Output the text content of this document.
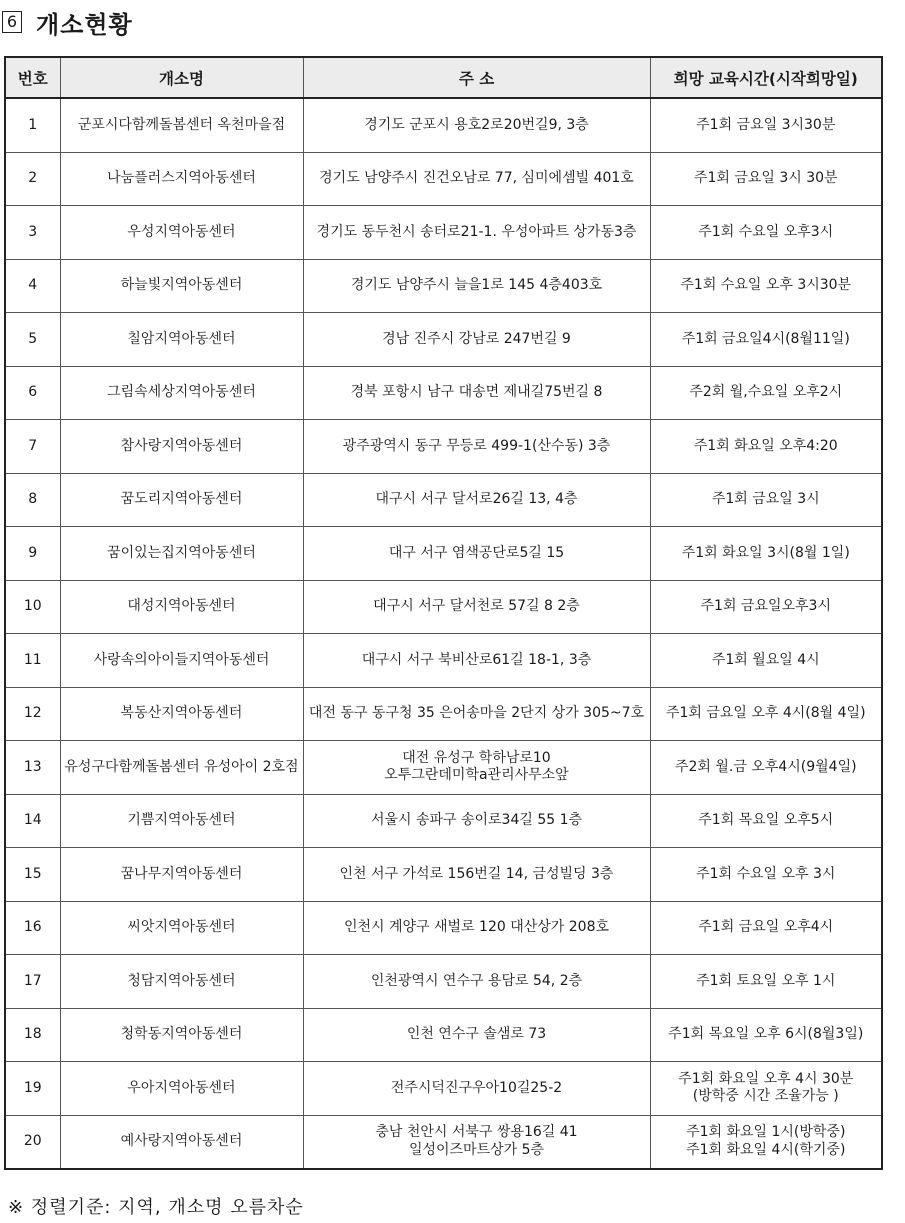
6 개소현황
번호	개소명	주 소	희망 교육시간(시작희망일)
1	군포시다함께돌봄센터 옥천마을점	경기도 군포시 용호2로20번길9, 3층	주1회 금요일 3시30분

2	나눔플러스지역아동센터	경기도 남양주시 진건오남로 77, 심미에셈빌 401호	주1회 금요일 3시 30분

3	우성지역아동센터	경기도 동두천시 송터로21-1. 우성아파트 상가동3층	주1회 수요일 오후3시

4	하늘빛지역아동센터	경기도 남양주시 늘을1로 145 4층403호	주1회 수요일 오후 3시30분

5	칠암지역아동센터	경남 진주시 강남로 247번길 9	주1회 금요일4시(8월11일)

6	그림속세상지역아동센터	경북 포항시 남구 대송면 제내길75번길 8	주2회 월,수요일 오후2시

7	참사랑지역아동센터	광주광역시 동구 무등로 499-1(산수동) 3층	주1회 화요일 오후4:20

8	꿈도리지역아동센터	대구시 서구 달서로26길 13, 4층	주1회 금요일 3시

9	꿈이있는집지역아동센터	대구 서구 염색공단로5길 15	주1회 화요일 3시(8월 1일)

10	대성지역아동센터	대구시 서구 달서천로 57길 8 2층	주1회 금요일오후3시

11	사랑속의아이들지역아동센터	대구시 서구 북비산로61길 18-1, 3층	주1회 월요일 4시

12	복동산지역아동센터	대전 동구 동구청 35 은어송마을 2단지 상가 305~7호	주1회 금요일 오후 4시(8월 4일)

13	유성구다함께돌봄센터 유성아이 2호점	대전 유성구 학하남로10
오투그란데미학a관리사무소앞	주2회 월.금 오후4시(9월4일)

14	기쁨지역아동센터	서울시 송파구 송이로34길 55 1층	주1회 목요일 오후5시

15	꿈나무지역아동센터	인천 서구 가석로 156번길 14, 금성빌딩 3층	주1회 수요일 오후 3시

16	씨앗지역아동센터	인천시 계양구 새벌로 120 대산상가 208호	주1회 금요일 오후4시

17	청담지역아동센터	인천광역시 연수구 용담로 54, 2층	주1회 토요일 오후 1시

18	청학동지역아동센터	인천 연수구 솔샘로 73	주1회 목요일 오후 6시(8월3일)

19	우아지역아동센터	전주시덕진구우아10길25-2	주1회 화요일 오후 4시 30분
(방학중 시간 조율가능 )

20	예사랑지역아동센터	충남 천안시 서북구 쌍용16길 41
일성이즈마트상가 5층	주1회 화요일 1시(방학중)
주1회 화요일 4시(학기중)
※ 정렬기준: 지역, 개소명 오름차순
